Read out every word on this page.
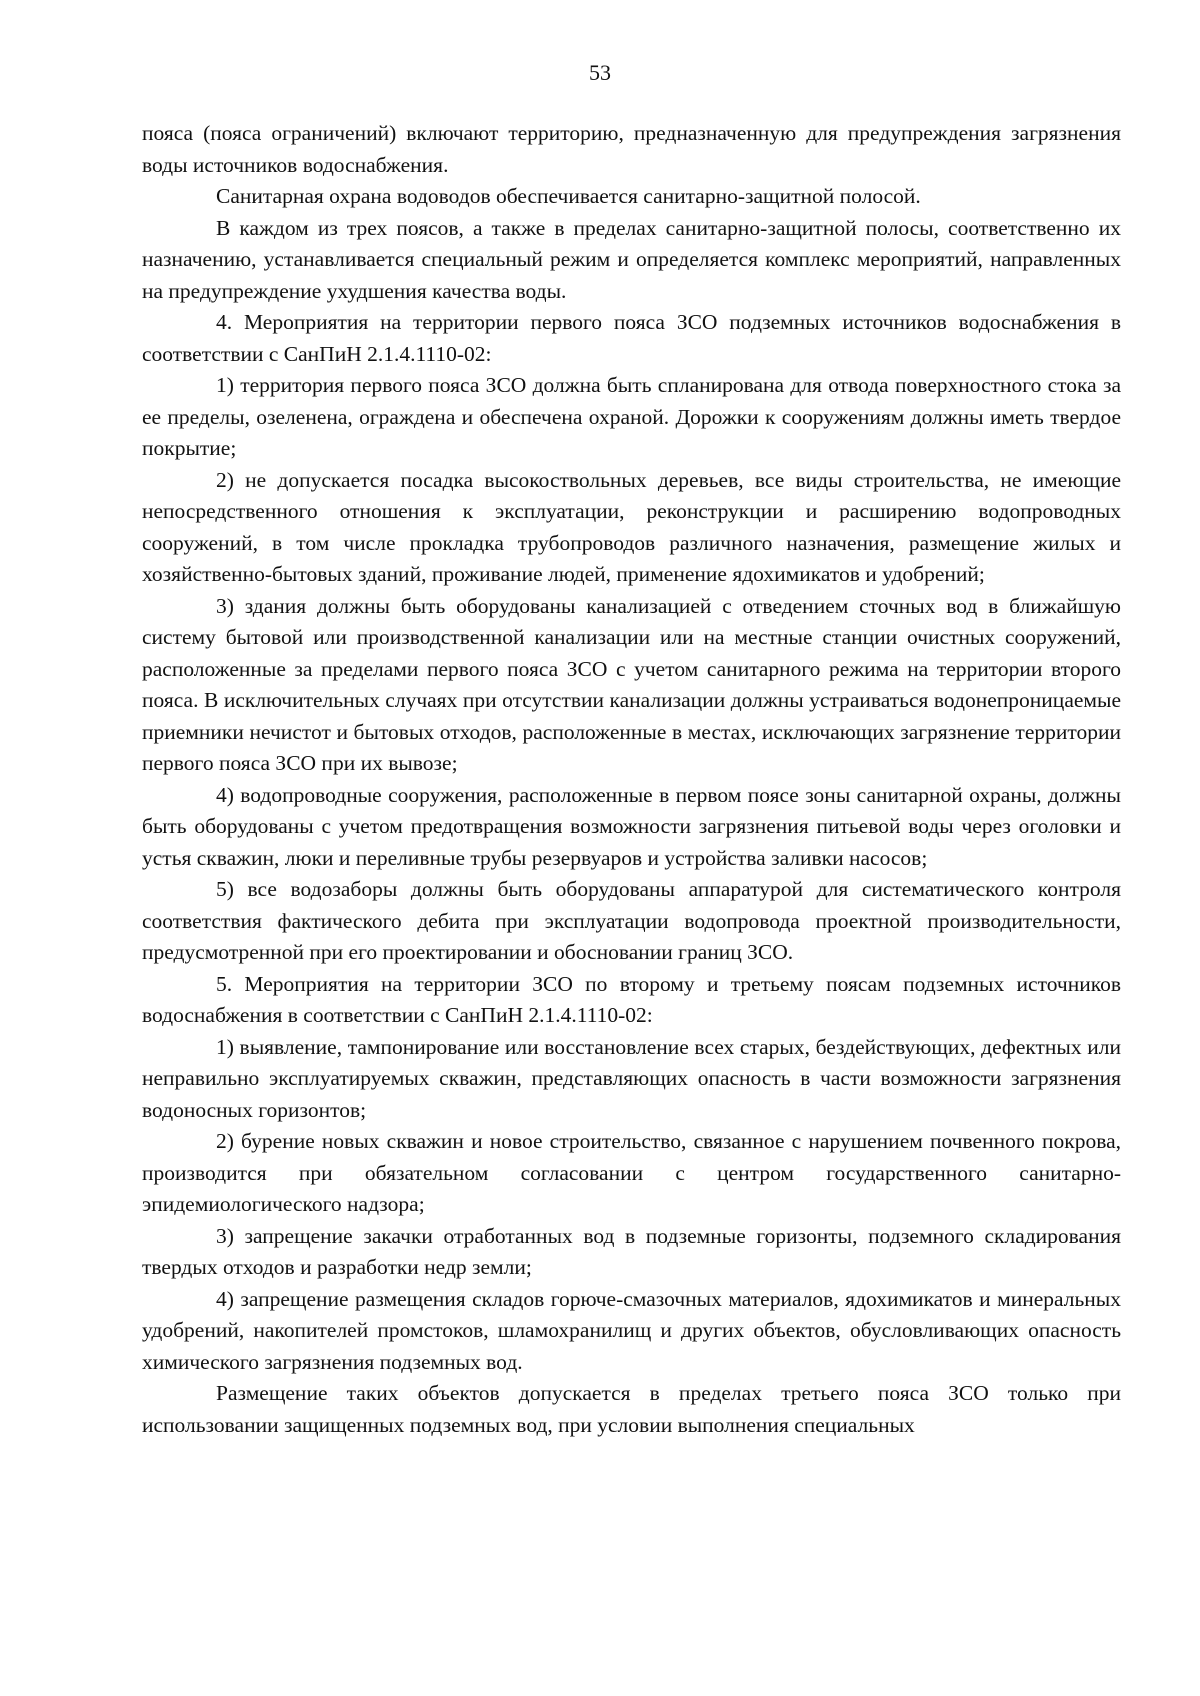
53

пояса (пояса ограничений) включают территорию, предназначенную для предупреждения загрязнения воды источников водоснабжения.

Санитарная охрана водоводов обеспечивается санитарно-защитной полосой.

В каждом из трех поясов, а также в пределах санитарно-защитной полосы, соответственно их назначению, устанавливается специальный режим и определяется комплекс мероприятий, направленных на предупреждение ухудшения качества воды.

4. Мероприятия на территории первого пояса ЗСО подземных источников водоснабжения в соответствии с СанПиН 2.1.4.1110-02:

1) территория первого пояса ЗСО должна быть спланирована для отвода поверхностного стока за ее пределы, озеленена, ограждена и обеспечена охраной. Дорожки к сооружениям должны иметь твердое покрытие;

2) не допускается посадка высокоствольных деревьев, все виды строительства, не имеющие непосредственного отношения к эксплуатации, реконструкции и расширению водопроводных сооружений, в том числе прокладка трубопроводов различного назначения, размещение жилых и хозяйственно-бытовых зданий, проживание людей, применение ядохимикатов и удобрений;

3) здания должны быть оборудованы канализацией с отведением сточных вод в ближайшую систему бытовой или производственной канализации или на местные станции очистных сооружений, расположенные за пределами первого пояса ЗСО с учетом санитарного режима на территории второго пояса. В исключительных случаях при отсутствии канализации должны устраиваться водонепроницаемые приемники нечистот и бытовых отходов, расположенные в местах, исключающих загрязнение территории первого пояса ЗСО при их вывозе;

4) водопроводные сооружения, расположенные в первом поясе зоны санитарной охраны, должны быть оборудованы с учетом предотвращения возможности загрязнения питьевой воды через оголовки и устья скважин, люки и переливные трубы резервуаров и устройства заливки насосов;

5) все водозаборы должны быть оборудованы аппаратурой для систематического контроля соответствия фактического дебита при эксплуатации водопровода проектной производительности, предусмотренной при его проектировании и обосновании границ ЗСО.

5. Мероприятия на территории ЗСО по второму и третьему поясам подземных источников водоснабжения в соответствии с СанПиН 2.1.4.1110-02:

1) выявление, тампонирование или восстановление всех старых, бездействующих, дефектных или неправильно эксплуатируемых скважин, представляющих опасность в части возможности загрязнения водоносных горизонтов;

2) бурение новых скважин и новое строительство, связанное с нарушением почвенного покрова, производится при обязательном согласовании с центром государственного санитарно-эпидемиологического надзора;

3) запрещение закачки отработанных вод в подземные горизонты, подземного складирования твердых отходов и разработки недр земли;

4) запрещение размещения складов горюче-смазочных материалов, ядохимикатов и минеральных удобрений, накопителей промстоков, шламохранилищ и других объектов, обусловливающих опасность химического загрязнения подземных вод.

Размещение таких объектов допускается в пределах третьего пояса ЗСО только при использовании защищенных подземных вод, при условии выполнения специальных
